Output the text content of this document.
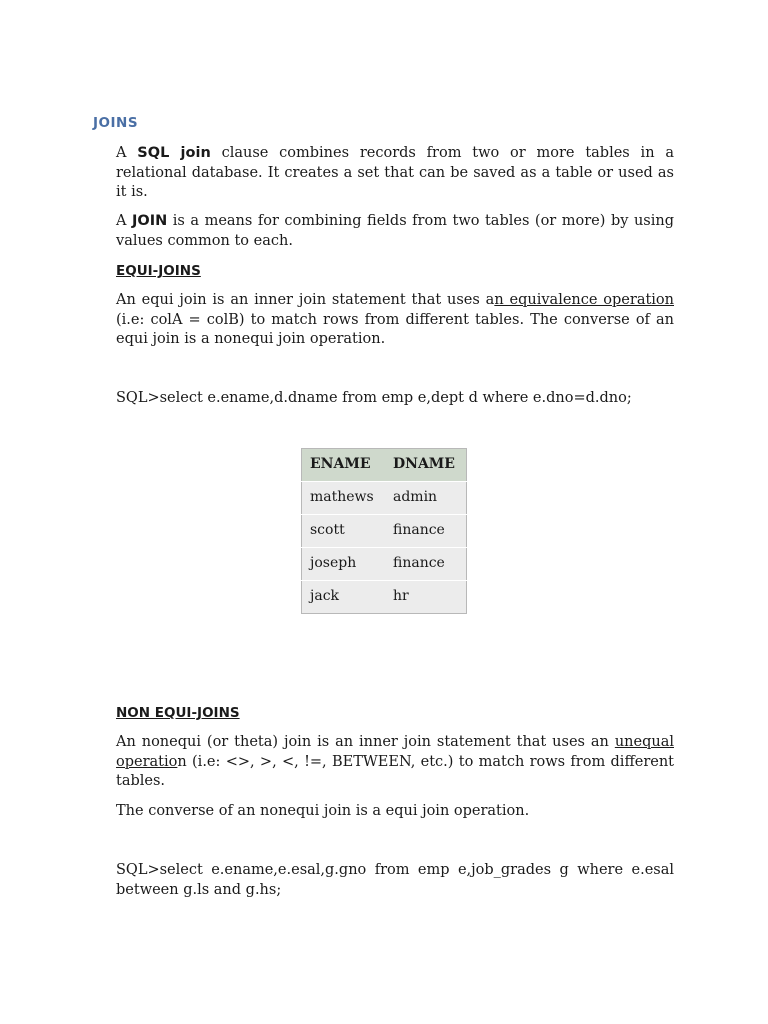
JOINS

A SQL join clause combines records from two or more tables in a relational database. It creates a set that can be saved as a table or used as it is.

A JOIN is a means for combining fields from two tables (or more) by using values common to each.

EQUI-JOINS

An equi join is an inner join statement that uses an equivalence operation (i.e: colA = colB) to match rows from different tables. The converse of an equi join is a nonequi join operation.

SQL>select e.ename,d.dname from emp e,dept d where e.dno=d.dno;

ENAME	DNAME
mathews	admin
scott	finance
joseph	finance
jack	hr
NON EQUI-JOINS

An nonequi (or theta) join is an inner join statement that uses an unequal operation (i.e: <>, >, <, !=, BETWEEN, etc.) to match rows from different tables.

The converse of an nonequi join is a equi join operation.

SQL>select e.ename,e.esal,g.gno from emp e,job_grades g where e.esal between g.ls and g.hs;
